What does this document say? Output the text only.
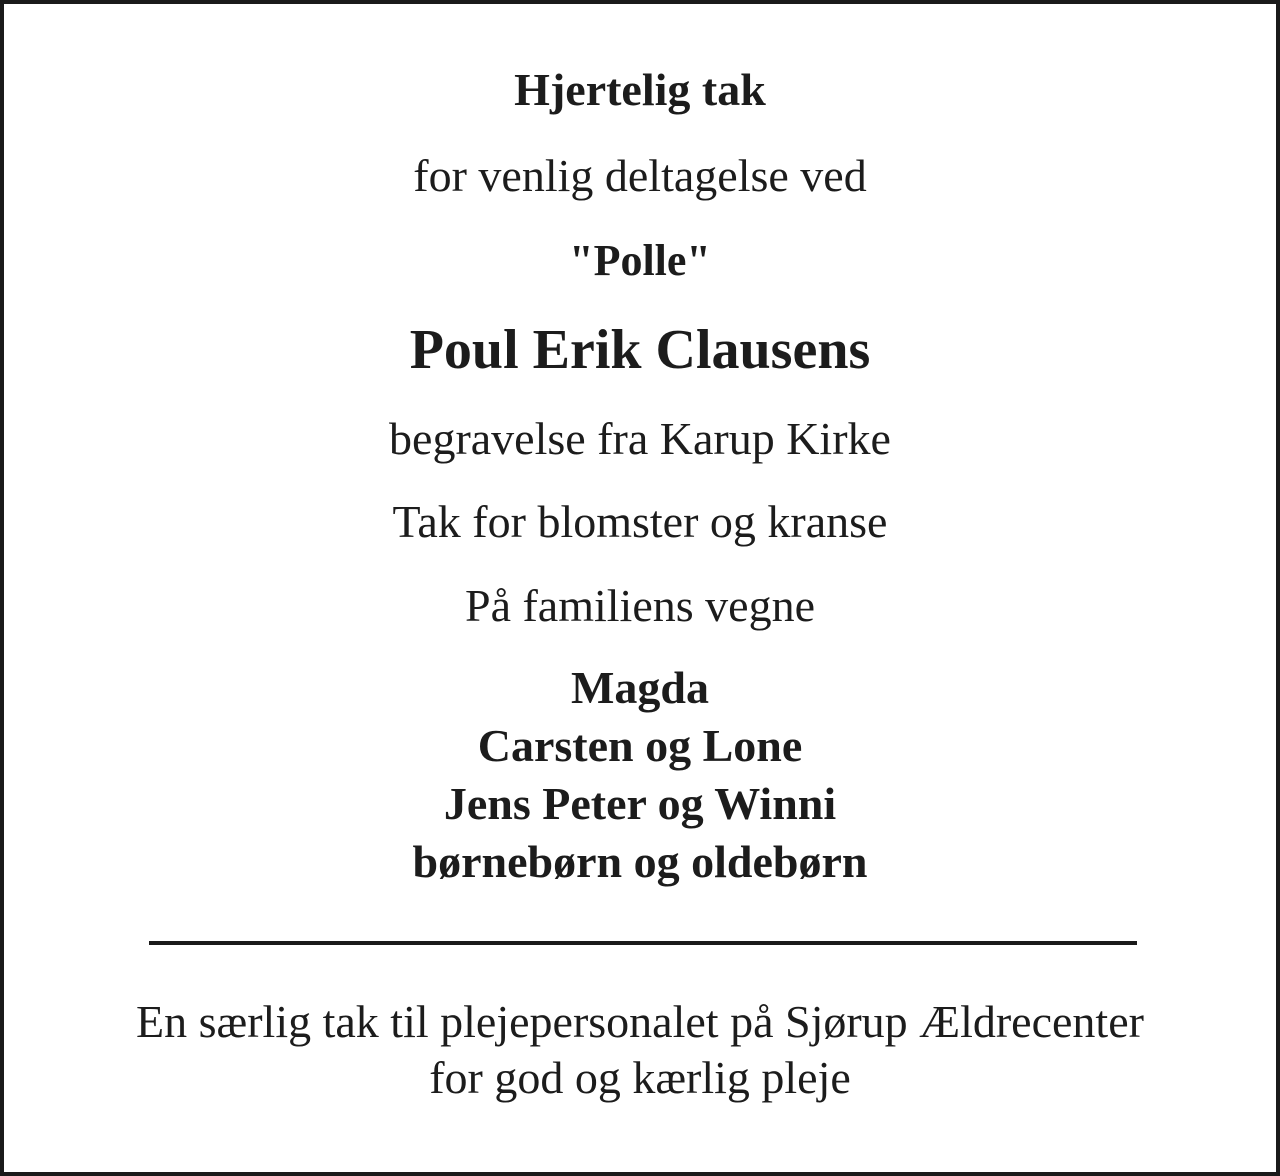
Hjertelig tak

for venlig deltagelse ved

"Polle"

Poul Erik Clausens

begravelse fra Karup Kirke

Tak for blomster og kranse

På familiens vegne

Magda
Carsten og Lone
Jens Peter og Winni
børnebørn og oldebørn

En særlig tak til plejepersonalet på Sjørup Ældrecenter

for god og kærlig pleje
